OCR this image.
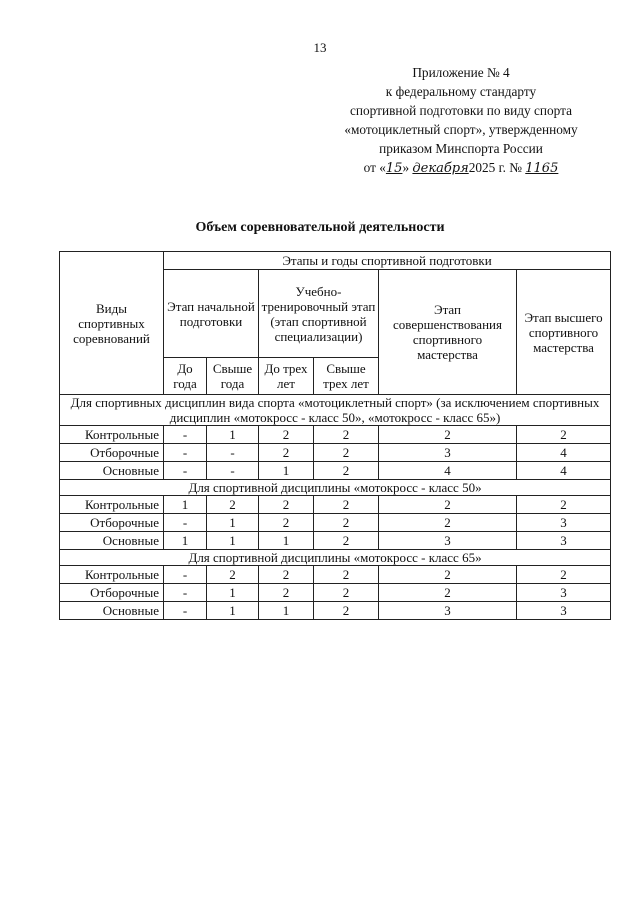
13
Приложение № 4
к федеральному стандарту
спортивной подготовки по виду спорта
«мотоциклетный спорт», утвержденному
приказом Минспорта России
от «15» декабря2025 г. № 1165
Объем соревновательной деятельности
Виды спортивных соревнований	Этапы и годы спортивной подготовки					
	Этап начальной подготовки		Учебно-тренировочный этап (этап спортивной специализации)		Этап совершенствования спортивного мастерства	Этап высшего спортивного мастерства
	До года	Свыше года	До трех лет	Свыше трех лет		
Для спортивных дисциплин вида спорта «мотоциклетный спорт» (за исключением спортивных дисциплин «мотокросс - класс 50», «мотокросс - класс 65»)						
Контрольные	-	1	2	2	2	2
Отборочные	-	-	2	2	3	4
Основные	-	-	1	2	4	4
Для спортивной дисциплины «мотокросс - класс 50»						
Контрольные	1	2	2	2	2	2
Отборочные	-	1	2	2	2	3
Основные	1	1	1	2	3	3
Для спортивной дисциплины «мотокросс - класс 65»						
Контрольные	-	2	2	2	2	2
Отборочные	-	1	2	2	2	3
Основные	-	1	1	2	3	3
